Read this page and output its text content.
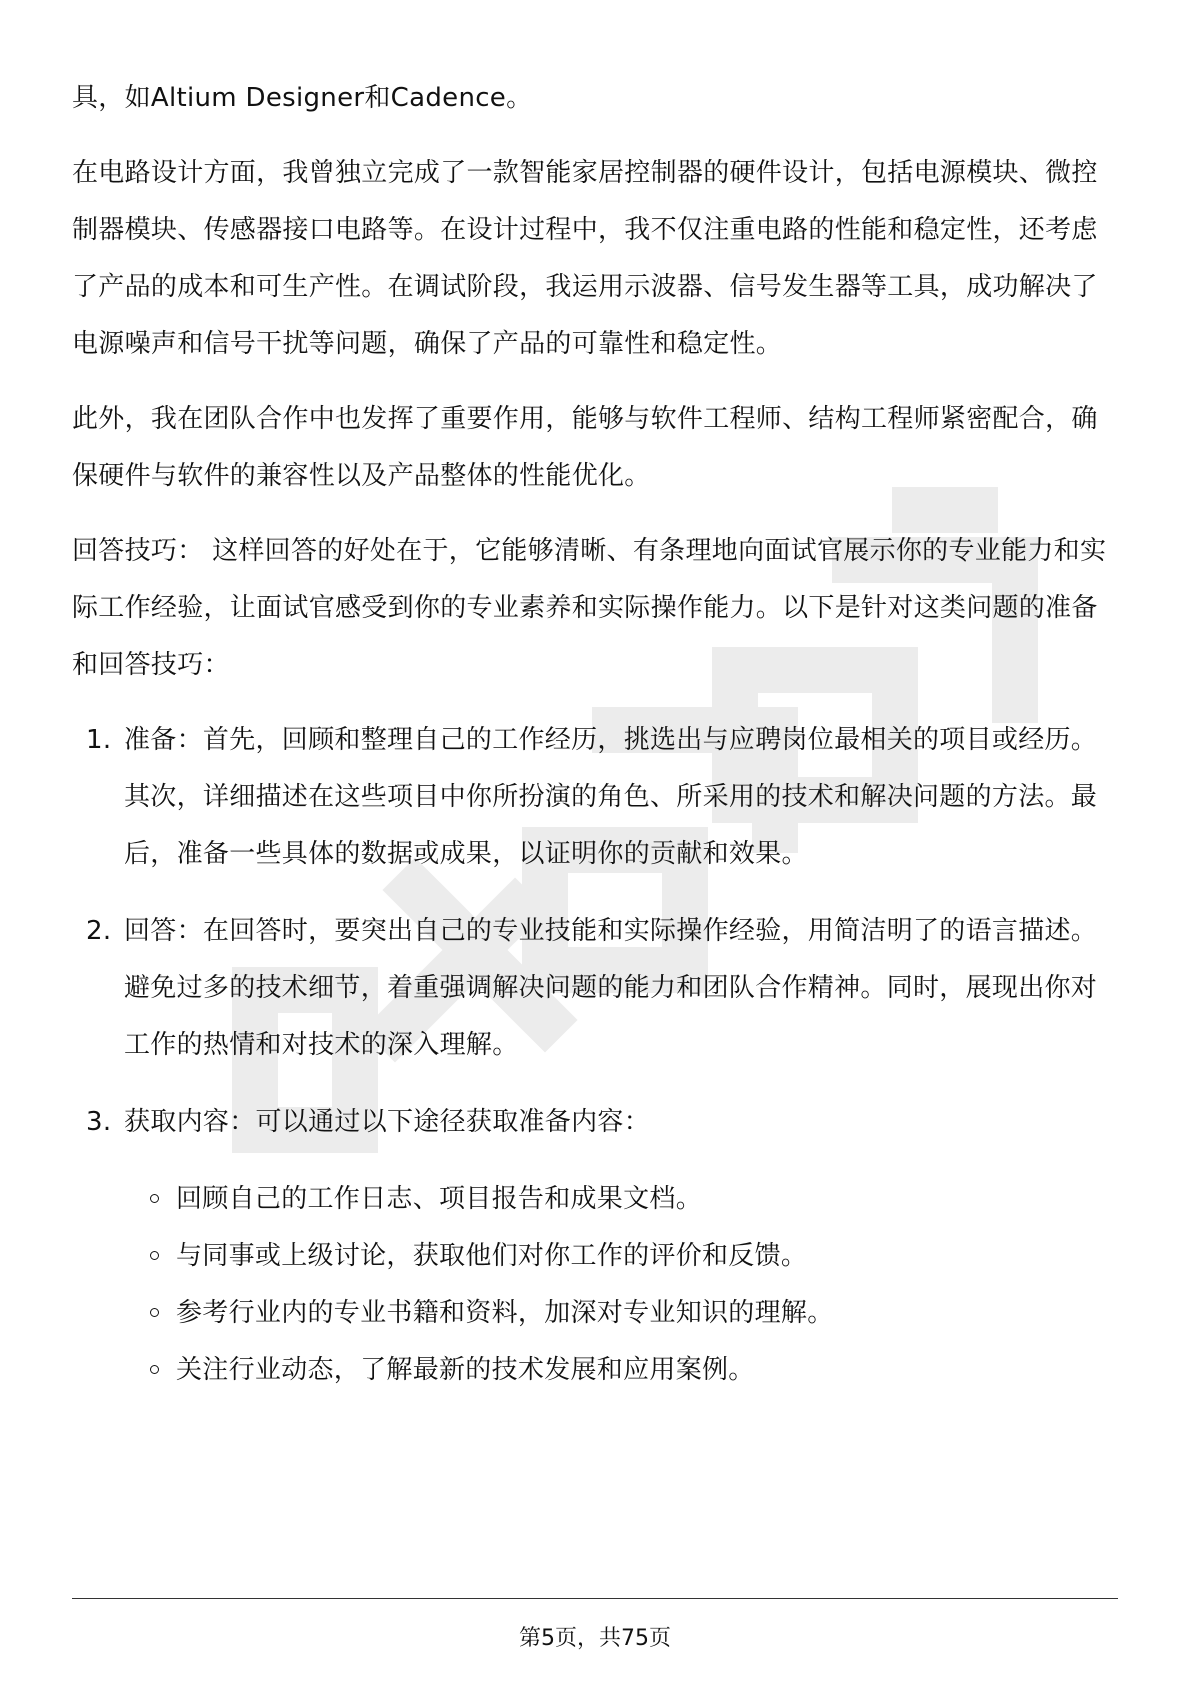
具，如Altium Designer和Cadence。

在电路设计方面，我曾独立完成了一款智能家居控制器的硬件设计，包括电源模块、微控制器模块、传感器接口电路等。在设计过程中，我不仅注重电路的性能和稳定性，还考虑了产品的成本和可生产性。在调试阶段，我运用示波器、信号发生器等工具，成功解决了电源噪声和信号干扰等问题，确保了产品的可靠性和稳定性。

此外，我在团队合作中也发挥了重要作用，能够与软件工程师、结构工程师紧密配合，确保硬件与软件的兼容性以及产品整体的性能优化。

回答技巧： 这样回答的好处在于，它能够清晰、有条理地向面试官展示你的专业能力和实际工作经验，让面试官感受到你的专业素养和实际操作能力。以下是针对这类问题的准备和回答技巧：

1. 准备：首先，回顾和整理自己的工作经历，挑选出与应聘岗位最相关的项目或经历。其次，详细描述在这些项目中你所扮演的角色、所采用的技术和解决问题的方法。最后，准备一些具体的数据或成果，以证明你的贡献和效果。
2. 回答：在回答时，要突出自己的专业技能和实际操作经验，用简洁明了的语言描述。避免过多的技术细节，着重强调解决问题的能力和团队合作精神。同时，展现出你对工作的热情和对技术的深入理解。
3. 获取内容：可以通过以下途径获取准备内容：
回顾自己的工作日志、项目报告和成果文档。
与同事或上级讨论，获取他们对你工作的评价和反馈。
参考行业内的专业书籍和资料，加深对专业知识的理解。
关注行业动态，了解最新的技术发展和应用案例。
第5页，共75页
